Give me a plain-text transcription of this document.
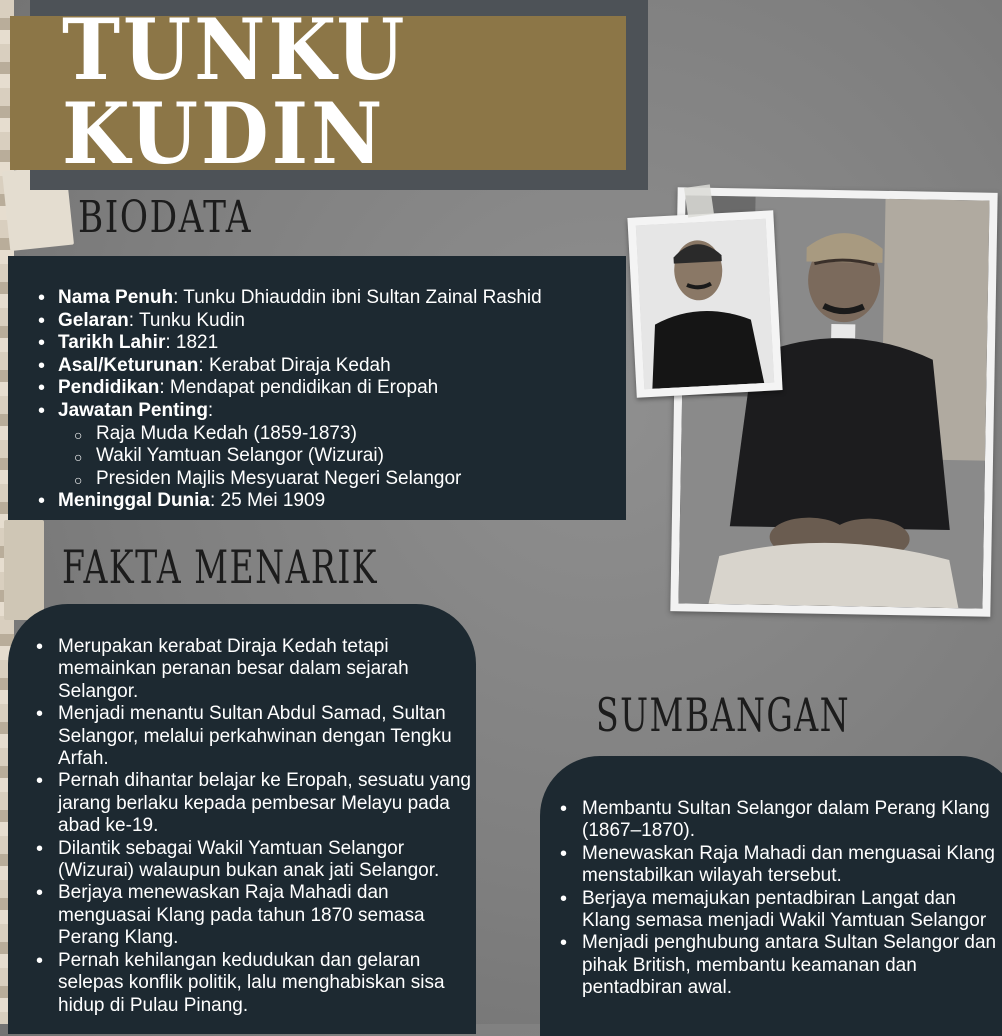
TUNKU KUDIN
BIODATA
• Nama Penuh: Tunku Dhiauddin ibni Sultan Zainal Rashid
• Gelaran: Tunku Kudin
• Tarikh Lahir: 1821
• Asal/Keturunan: Kerabat Diraja Kedah
• Pendidikan: Mendapat pendidikan di Eropah
• Jawatan Penting:
○ Raja Muda Kedah (1859-1873)
○ Wakil Yamtuan Selangor (Wizurai)
○ Presiden Majlis Mesyuarat Negeri Selangor
• Meninggal Dunia: 25 Mei 1909
FAKTA MENARIK
• Merupakan kerabat Diraja Kedah tetapi memainkan peranan besar dalam sejarah Selangor.
• Menjadi menantu Sultan Abdul Samad, Sultan Selangor, melalui perkahwinan dengan Tengku Arfah.
• Pernah dihantar belajar ke Eropah, sesuatu yang jarang berlaku kepada pembesar Melayu pada abad ke-19.
• Dilantik sebagai Wakil Yamtuan Selangor (Wizurai) walaupun bukan anak jati Selangor.
• Berjaya menewaskan Raja Mahadi dan menguasai Klang pada tahun 1870 semasa Perang Klang.
• Pernah kehilangan kedudukan dan gelaran selepas konflik politik, lalu menghabiskan sisa hidup di Pulau Pinang.
SUMBANGAN
• Membantu Sultan Selangor dalam Perang Klang
(1867–1870).
• Menewaskan Raja Mahadi dan menguasai Klang
menstabilkan wilayah tersebut.
• Berjaya memajukan pentadbiran Langat dan
Klang semasa menjadi Wakil Yamtuan Selangor
• Menjadi penghubung antara Sultan Selangor dan
pihak British, membantu keamanan dan
pentadbiran awal.
